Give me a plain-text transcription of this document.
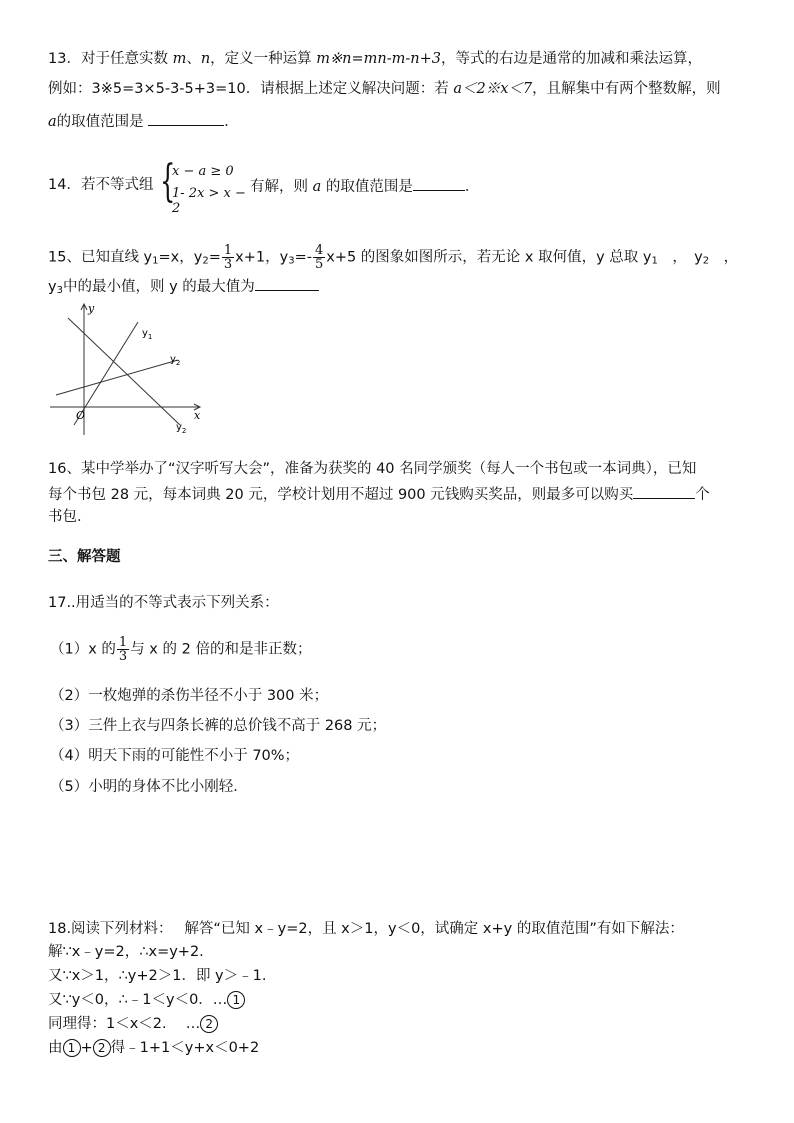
13．对于任意实数 m、n，定义一种运算 m※n=mn-m-n+3，等式的右边是通常的加减和乘法运算，
例如：3※5=3×5-3-5+3=10．请根据上述定义解决问题：若 a＜2※x＜7，且解集中有两个整数解，则
a的取值范围是	．
14．若不等式组 {
x − a ≥ 0
1- 2x > x − 2
有解，则 a 的取值范围是	．
15、已知直线 $y_1=x$，$y_2= \frac{1}{3} x+1$，$y_3=- \frac{4}{5} x+5$ 的图象如图所示，若无论 x 取何值，y 总取 $y_1$　，　$y_2$　，
$y_3$中的最小值，则 y 的最大值为
y
x
O
$y_1$
$y_2$
$y_2$
16、某中学举办了“汉字听写大会”，准备为获奖的 40 名同学颁奖（每人一个书包或一本词典），已知
每个书包 28 元，每本词典 20 元，学校计划用不超过 900 元钱购买奖品，则最多可以购买	个
书包．
三、解答题
17..用适当的不等式表示下列关系：
（1）x 的 $\frac{1}{3}$ 与 x 的 2 倍的和是非正数；
（2）一枚炮弹的杀伤半径不小于 300 米；
（3）三件上衣与四条长裤的总价钱不高于 268 元；
（4）明天下雨的可能性不小于 70%；
（5）小明的身体不比小刚轻．
18.阅读下列材料：　 解答“已知 x﹣y=2，且 x＞1，y＜0，试确定 x+y 的取值范围”有如下解法：
解∵x﹣y=2，∴x=y+2.
又∵x＞1，∴y+2＞1．即 y＞﹣1.
又∵y＜0，∴﹣1＜y＜0．… 1
同理得：1＜x＜2.　 … 2
由 1 + 2 得﹣1+1＜y+x＜0+2
